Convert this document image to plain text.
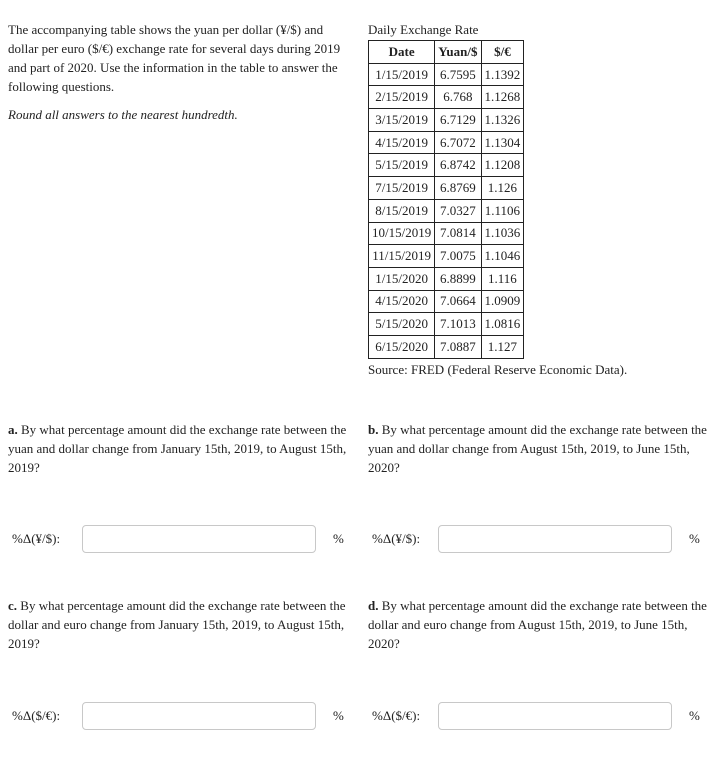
The accompanying table shows the yuan per dollar (¥/$) and dollar per euro ($/€) exchange rate for several days during 2019 and part of 2020. Use the information in the table to answer the following questions.

Round all answers to the nearest hundredth.

Daily Exchange Rate
Date	Yuan/$	$/€
1/15/2019	6.7595	1.1392
2/15/2019	6.768	1.1268
3/15/2019	6.7129	1.1326
4/15/2019	6.7072	1.1304
5/15/2019	6.8742	1.1208
7/15/2019	6.8769	1.126
8/15/2019	7.0327	1.1106
10/15/2019	7.0814	1.1036
11/15/2019	7.0075	1.1046
1/15/2020	6.8899	1.116
4/15/2020	7.0664	1.0909
5/15/2020	7.1013	1.0816
6/15/2020	7.0887	1.127
Source: FRED (Federal Reserve Economic Data).
a. By what percentage amount did the exchange rate between the yuan and dollar change from January 15th, 2019, to August 15th, 2019?
%Δ(¥/$):	%
b. By what percentage amount did the exchange rate between the yuan and dollar change from August 15th, 2019, to June 15th, 2020?
%Δ(¥/$):	%
c. By what percentage amount did the exchange rate between the dollar and euro change from January 15th, 2019, to August 15th, 2019?
%Δ($/€):	%
d. By what percentage amount did the exchange rate between the dollar and euro change from August 15th, 2019, to June 15th, 2020?
%Δ($/€):	%
